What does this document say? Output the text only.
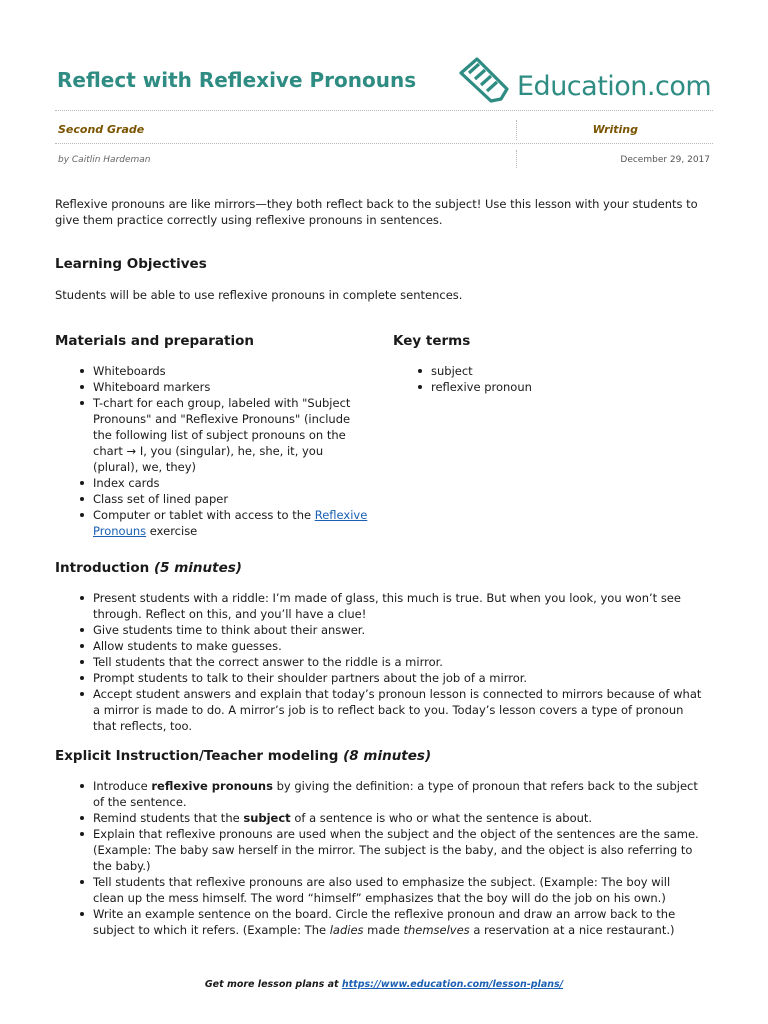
Reflect with Reflexive Pronouns	Education.com
Second Grade	Writing
by Caitlin Hardeman	December 29, 2017

Reflexive pronouns are like mirrors—they both reflect back to the subject! Use this lesson with your students to
give them practice correctly using reflexive pronouns in sentences.

Learning Objectives

Students will be able to use reflexive pronouns in complete sentences.

Materials and preparation
Whiteboards
Whiteboard markers
T-chart for each group, labeled with "Subject
Pronouns" and "Reflexive Pronouns" (include
the following list of subject pronouns on the
chart → I, you (singular), he, she, it, you
(plural), we, they)
Index cards
Class set of lined paper
Computer or tablet with access to the Reflexive
Pronouns exercise
Key terms
subject
reflexive pronoun
Introduction (5 minutes)
Present students with a riddle: I’m made of glass, this much is true. But when you look, you won’t see
through. Reflect on this, and you’ll have a clue!
Give students time to think about their answer.
Allow students to make guesses.
Tell students that the correct answer to the riddle is a mirror.
Prompt students to talk to their shoulder partners about the job of a mirror.
Accept student answers and explain that today’s pronoun lesson is connected to mirrors because of what
a mirror is made to do. A mirror’s job is to reflect back to you. Today’s lesson covers a type of pronoun
that reflects, too.
Explicit Instruction/Teacher modeling (8 minutes)
Introduce reflexive pronouns by giving the definition: a type of pronoun that refers back to the subject
of the sentence.
Remind students that the subject of a sentence is who or what the sentence is about.
Explain that reflexive pronouns are used when the subject and the object of the sentences are the same.
(Example: The baby saw herself in the mirror. The subject is the baby, and the object is also referring to
the baby.)
Tell students that reflexive pronouns are also used to emphasize the subject. (Example: The boy will
clean up the mess himself. The word “himself” emphasizes that the boy will do the job on his own.)
Write an example sentence on the board. Circle the reflexive pronoun and draw an arrow back to the
subject to which it refers. (Example: The ladies made themselves a reservation at a nice restaurant.)
Get more lesson plans at https://www.education.com/lesson-plans/
